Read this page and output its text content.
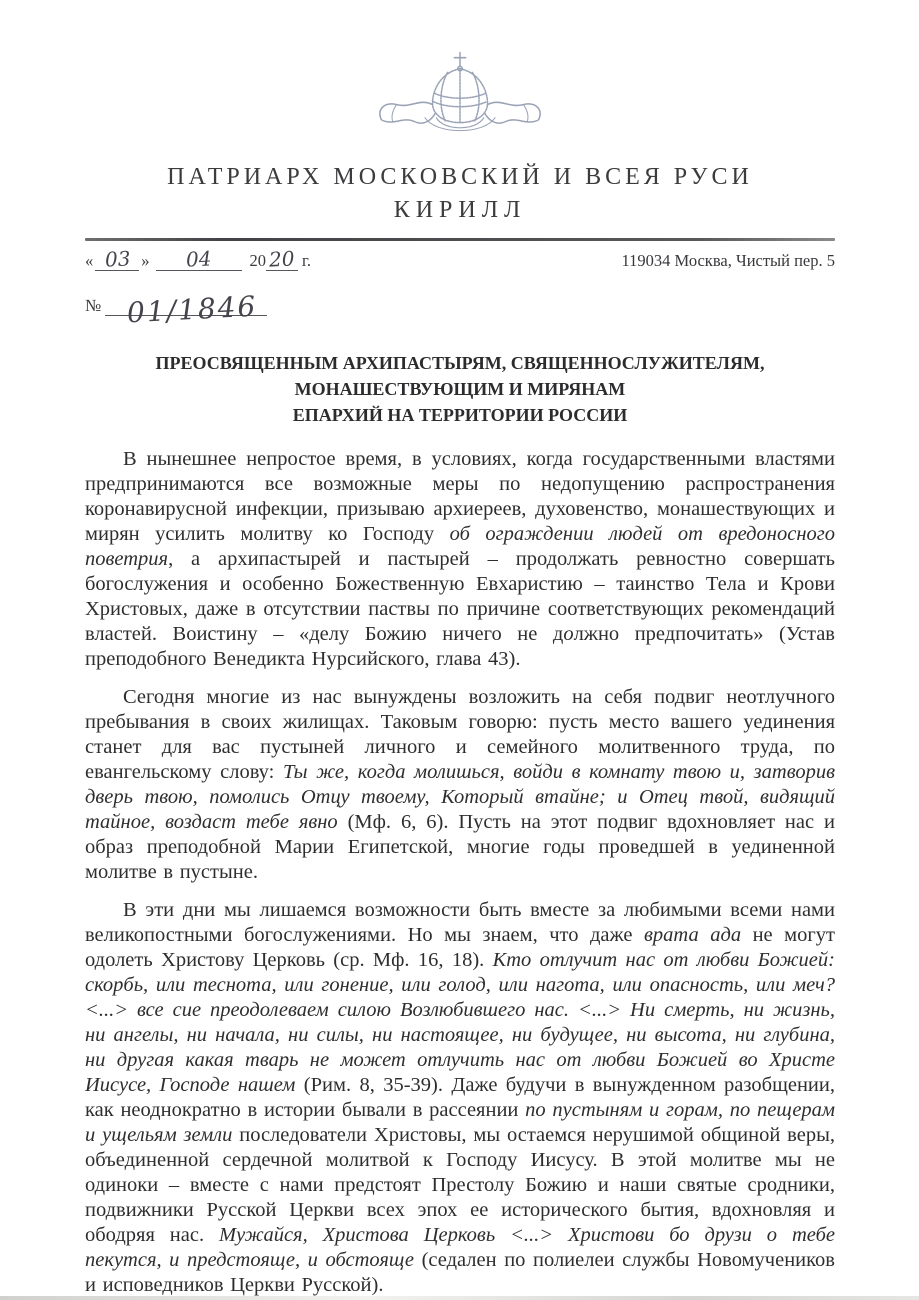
ПАТРИАРХ МОСКОВСКИЙ И ВСЕЯ РУСИ
КИРИЛЛ
« 03 »	04	20 20 г.	119034 Москва, Чистый пер. 5
№ 01/1846
ПРЕОСВЯЩЕННЫМ АРХИПАСТЫРЯМ, СВЯЩЕННОСЛУЖИТЕЛЯМ,
МОНАШЕСТВУЮЩИМ И МИРЯНАМ
ЕПАРХИЙ НА ТЕРРИТОРИИ РОССИИ

В нынешнее непростое время, в условиях, когда государственными властями предпринимаются все возможные меры по недопущению распространения коронавирусной инфекции, призываю архиереев, духовенство, монашествующих и мирян усилить молитву ко Господу об ограждении людей от вредоносного поветрия, а архипастырей и пастырей – продолжать ревностно совершать богослужения и особенно Божественную Евхаристию – таинство Тела и Крови Христовых, даже в отсутствии паствы по причине соответствующих рекомендаций властей. Воистину – «делу Божию ничего не должно предпочитать» (Устав преподобного Венедикта Нурсийского, глава 43).

Сегодня многие из нас вынуждены возложить на себя подвиг неотлучного пребывания в своих жилищах. Таковым говорю: пусть место вашего уединения станет для вас пустыней личного и семейного молитвенного труда, по евангельскому слову: Ты же, когда молишься, войди в комнату твою и, затворив дверь твою, помолись Отцу твоему, Который втайне; и Отец твой, видящий тайное, воздаст тебе явно (Мф. 6, 6). Пусть на этот подвиг вдохновляет нас и образ преподобной Марии Египетской, многие годы проведшей в уединенной молитве в пустыне.

В эти дни мы лишаемся возможности быть вместе за любимыми всеми нами великопостными богослужениями. Но мы знаем, что даже врата ада не могут одолеть Христову Церковь (ср. Мф. 16, 18). Кто отлучит нас от любви Божией: скорбь, или теснота, или гонение, или голод, или нагота, или опасность, или меч? <...> все сие преодолеваем силою Возлюбившего нас. <...> Ни смерть, ни жизнь, ни ангелы, ни начала, ни силы, ни настоящее, ни будущее, ни высота, ни глубина, ни другая какая тварь не может отлучить нас от любви Божией во Христе Иисусе, Господе нашем (Рим. 8, 35-39). Даже будучи в вынужденном разобщении, как неоднократно в истории бывали в рассеянии по пустыням и горам, по пещерам и ущельям земли последователи Христовы, мы остаемся нерушимой общиной веры, объединенной сердечной молитвой к Господу Иисусу. В этой молитве мы не одиноки – вместе с нами предстоят Престолу Божию и наши святые сродники, подвижники Русской Церкви всех эпох ее исторического бытия, вдохновляя и ободряя нас. Мужайся, Христова Церковь <...> Христови бо друзи о тебе пекутся, и предстояще, и обстояще (седален по полиелеи службы Новомучеников и исповедников Церкви Русской).
